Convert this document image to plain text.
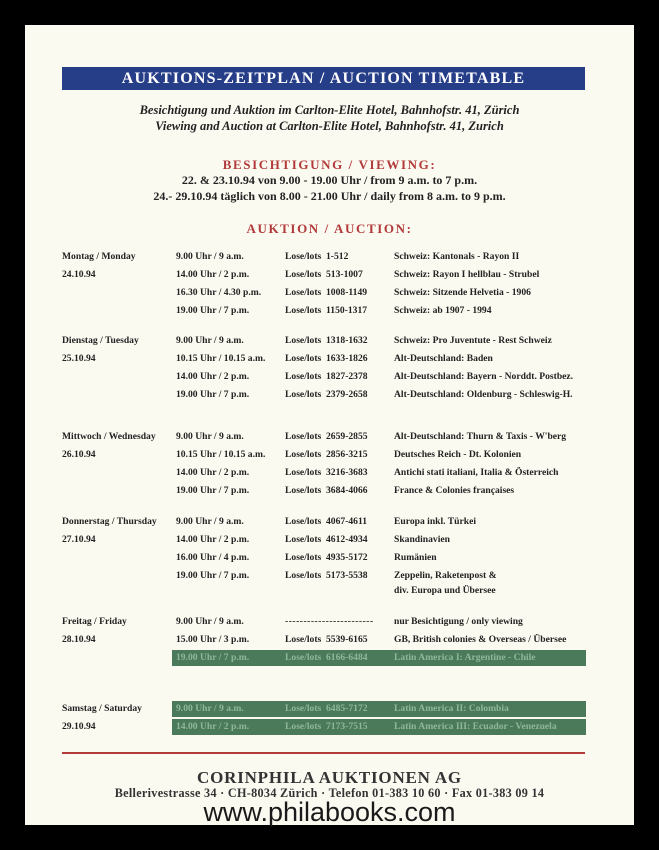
AUKTIONS-ZEITPLAN / AUCTION TIMETABLE
Besichtigung und Auktion im Carlton-Elite Hotel, Bahnhofstr. 41, Zürich
Viewing and Auction at Carlton-Elite Hotel, Bahnhofstr. 41, Zurich
BESICHTIGUNG / VIEWING:
22. & 23.10.94 von 9.00 - 19.00 Uhr / from 9 a.m. to 7 p.m.
24.- 29.10.94 täglich von 8.00 - 21.00 Uhr / daily from 8 a.m. to 9 p.m.
AUKTION / AUCTION:
Montag / Monday	9.00 Uhr / 9 a.m.	Lose/lots 1-512	Schweiz: Kantonals - Rayon II
24.10.94	14.00 Uhr / 2 p.m.	Lose/lots 513-1007	Schweiz: Rayon I hellblau - Strubel
16.30 Uhr / 4.30 p.m. Lose/lots 1008-1149	Schweiz: Sitzende Helvetia - 1906
19.00 Uhr / 7 p.m.	Lose/lots 1150-1317	Schweiz: ab 1907 - 1994
Dienstag / Tuesday	9.00 Uhr / 9 a.m.	Lose/lots 1318-1632	Schweiz: Pro Juventute - Rest Schweiz
25.10.94	10.15 Uhr / 10.15 a.m. Lose/lots 1633-1826	Alt-Deutschland: Baden
14.00 Uhr / 2 p.m.	Lose/lots 1827-2378	Alt-Deutschland: Bayern - Norddt. Postbez.
19.00 Uhr / 7 p.m.	Lose/lots 2379-2658	Alt-Deutschland: Oldenburg - Schleswig-H.
Mittwoch / Wednesday 9.00 Uhr / 9 a.m.	Lose/lots 2659-2855	Alt-Deutschland: Thurn & Taxis - W'berg
26.10.94	10.15 Uhr / 10.15 a.m. Lose/lots 2856-3215	Deutsches Reich - Dt. Kolonien
14.00 Uhr / 2 p.m.	Lose/lots 3216-3683	Antichi stati italiani, Italia & Österreich
19.00 Uhr / 7 p.m.	Lose/lots 3684-4066	France & Colonies françaises
Donnerstag / Thursday 9.00 Uhr / 9 a.m.	Lose/lots 4067-4611	Europa inkl. Türkei
27.10.94	14.00 Uhr / 2 p.m.	Lose/lots 4612-4934	Skandinavien
16.00 Uhr / 4 p.m.	Lose/lots 4935-5172	Rumänien
19.00 Uhr / 7 p.m.	Lose/lots 5173-5538	Zeppelin, Raketenpost &
div. Europa und Übersee
Freitag / Friday	9.00 Uhr / 9 a.m.	------------------------ nur Besichtigung / only viewing
28.10.94	15.00 Uhr / 3 p.m.	Lose/lots 5539-6165	GB, British colonies & Overseas / Übersee
19.00 Uhr / 7 p.m.	Lose/lots 6166-6484	Latin America I: Argentine - Chile
Samstag / Saturday	9.00 Uhr / 9 a.m.	Lose/lots 6485-7172	Latin America II: Colombia
29.10.94	14.00 Uhr / 2 p.m.	Lose/lots 7173-7515	Latin America III: Ecuador - Venezuela
CORINPHILA AUKTIONEN AG
Bellerivestrasse 34 · CH-8034 Zürich · Telefon 01-383 10 60 · Fax 01-383 09 14
www.philabooks.com
